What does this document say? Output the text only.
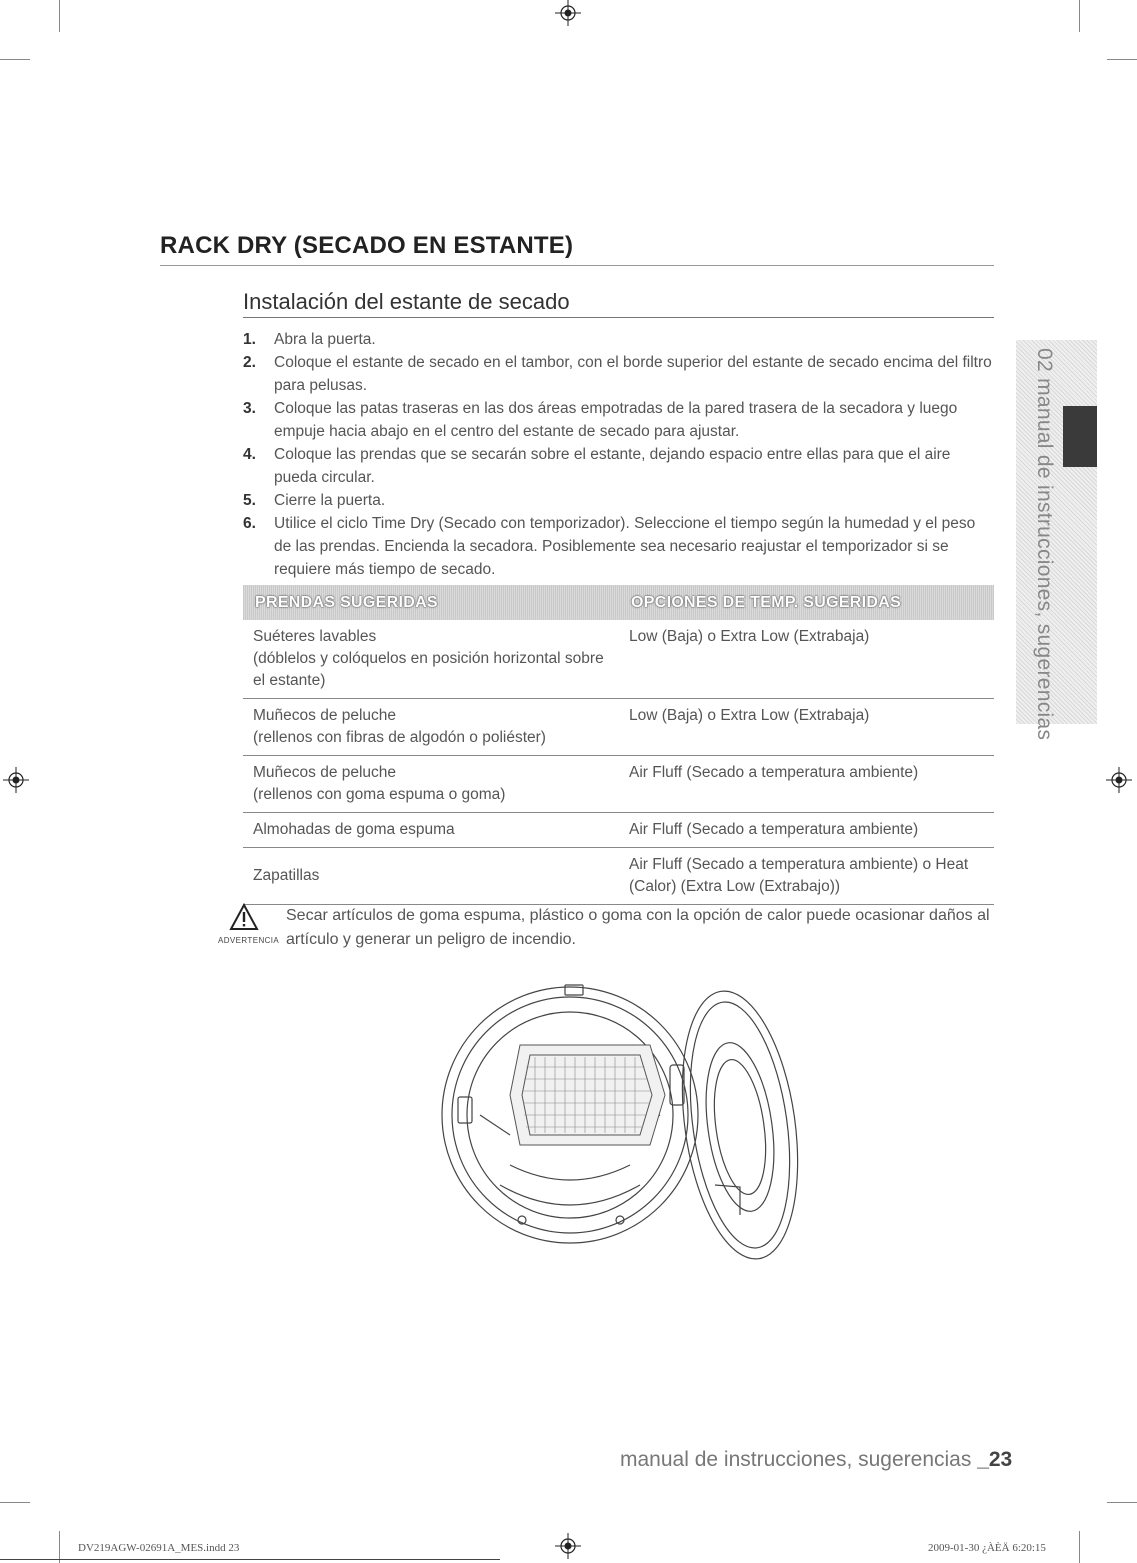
RACK DRY (SECADO EN ESTANTE)
Instalación del estante de secado
1. Abra la puerta.
2. Coloque el estante de secado en el tambor, con el borde superior del estante de secado encima del filtro para pelusas.
3. Coloque las patas traseras en las dos áreas empotradas de la pared trasera de la secadora y luego empuje hacia abajo en el centro del estante de secado para ajustar.
4. Coloque las prendas que se secarán sobre el estante, dejando espacio entre ellas para que el aire pueda circular.
5. Cierre la puerta.
6. Utilice el ciclo Time Dry (Secado con temporizador). Seleccione el tiempo según la humedad y el peso de las prendas. Encienda la secadora. Posiblemente sea necesario reajustar el temporizador si se requiere más tiempo de secado.
PRENDAS SUGERIDAS	OPCIONES DE TEMP. SUGERIDAS
Suéteres lavables
(dóblelos y colóquelos en posición horizontal sobre el estante)	Low (Baja) o Extra Low (Extrabaja)
Muñecos de peluche
(rellenos con fibras de algodón o poliéster)	Low (Baja) o Extra Low (Extrabaja)
Muñecos de peluche
(rellenos con goma espuma o goma)	Air Fluff (Secado a temperatura ambiente)
Almohadas de goma espuma	Air Fluff (Secado a temperatura ambiente)
Zapatillas	Air Fluff (Secado a temperatura ambiente) o Heat (Calor) (Extra Low (Extrabajo))
ADVERTENCIA
Secar artículos de goma espuma, plástico o goma con la opción de calor puede ocasionar daños al artículo y generar un peligro de incendio.
02 manual de instrucciones, sugerencias
manual de instrucciones, sugerencias _23
DV219AGW-02691A_MES.indd 23	2009-01-30 ¿ÀÈÄ 6:20:15
